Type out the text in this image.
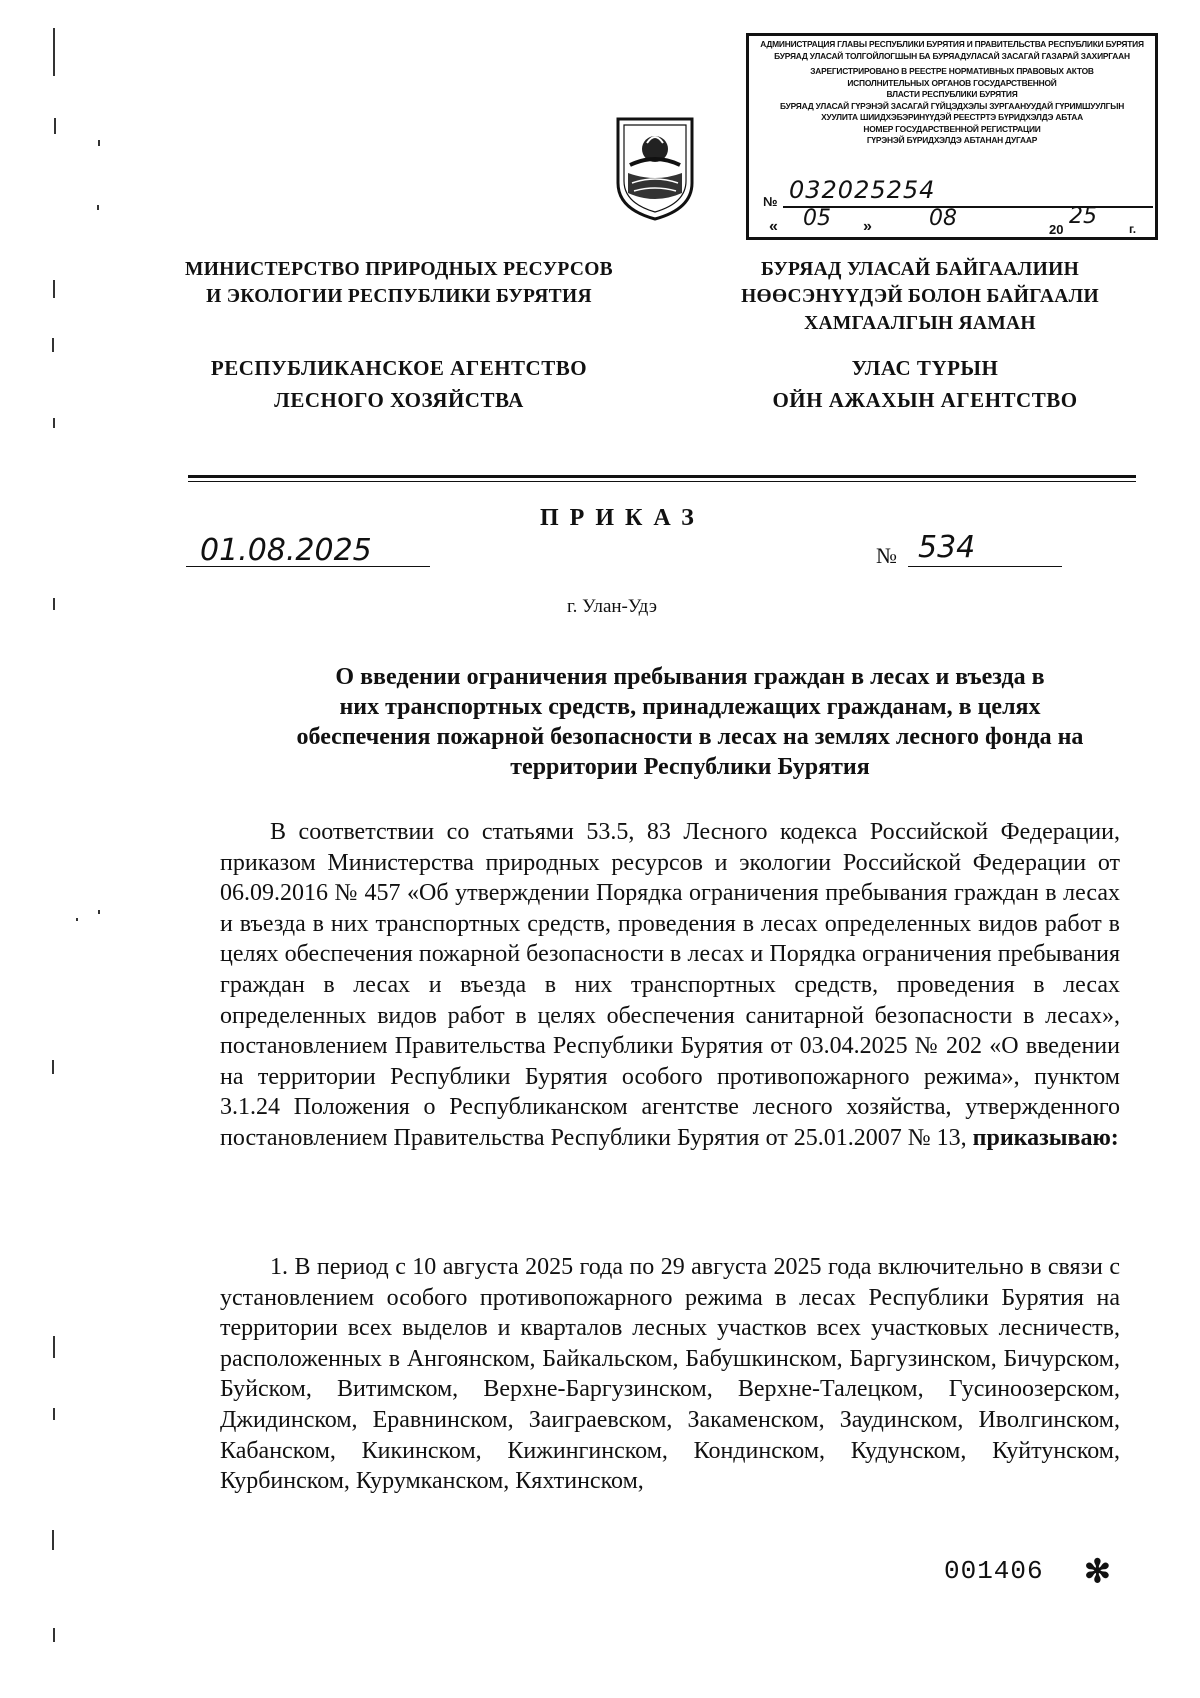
АДМИНИСТРАЦИЯ ГЛАВЫ РЕСПУБЛИКИ БУРЯТИЯ И ПРАВИТЕЛЬСТВА РЕСПУБЛИКИ БУРЯТИЯ
БУРЯАД УЛАСАЙ ТОЛГОЙЛОГШЫН БА БУРЯАДУЛАСАЙ ЗАСАГАЙ ГАЗАРАЙ ЗАХИРГААН
ЗАРЕГИСТРИРОВАНО В РЕЕСТРЕ НОРМАТИВНЫХ ПРАВОВЫХ АКТОВ
ИСПОЛНИТЕЛЬНЫХ ОРГАНОВ ГОСУДАРСТВЕННОЙ
ВЛАСТИ РЕСПУБЛИКИ БУРЯТИЯ
БУРЯАД УЛАСАЙ ГҮРЭНЭЙ ЗАСАГАЙ ГҮЙЦЭДХЭЛЫ ЗУРГААНУУДАЙ ГҮРИМШУУЛГЫН
ХУУЛИТА ШИИДХЭБЭРИНҮҮДЭЙ РЕЕСТРТЭ БҮРИДХЭЛДЭ АБТАА
НОМЕР ГОСУДАРСТВЕННОЙ РЕГИСТРАЦИИ
ГҮРЭНЭЙ БҮРИДХЭЛДЭ АБТАНАН ДУГААР
№ 032025254
« 05 »	08	20
25	г.
МИНИСТЕРСТВО ПРИРОДНЫХ РЕСУРСОВ
И ЭКОЛОГИИ РЕСПУБЛИКИ БУРЯТИЯ
БУРЯАД УЛАСАЙ БАЙГААЛИИН
НӨӨСЭНҮҮДЭЙ БОЛОН БАЙГААЛИ
ХАМГААЛГЫН ЯАМАН
РЕСПУБЛИКАНСКОЕ АГЕНТСТВО
ЛЕСНОГО ХОЗЯЙСТВА
УЛАС ТҮРЫН
ОЙН АЖАХЫН АГЕНТСТВО
ПРИКАЗ
01.08.2025	№ 534
г. Улан-Удэ
О введении ограничения пребывания граждан в лесах и въезда в
них транспортных средств, принадлежащих гражданам, в целях
обеспечения пожарной безопасности в лесах на землях лесного фонда на
территории Республики Бурятия
В соответствии со статьями 53.5, 83 Лесного кодекса Российской Федерации, приказом Министерства природных ресурсов и экологии Российской Федерации от 06.09.2016 № 457 «Об утверждении Порядка ограничения пребывания граждан в лесах и въезда в них транспортных средств, проведения в лесах определенных видов работ в целях обеспечения пожарной безопасности в лесах и Порядка ограничения пребывания граждан в лесах и въезда в них транспортных средств, проведения в лесах определенных видов работ в целях обеспечения санитарной безопасности в лесах», постановлением Правительства Республики Бурятия от 03.04.2025 № 202 «О введении на территории Республики Бурятия особого противопожарного режима», пунктом 3.1.24 Положения о Республиканском агентстве лесного хозяйства, утвержденного постановлением Правительства Республики Бурятия от 25.01.2007 № 13, приказываю:
1. В период с 10 августа 2025 года по 29 августа 2025 года включительно в связи с установлением особого противопожарного режима в лесах Республики Бурятия на территории всех выделов и кварталов лесных участков всех участковых лесничеств, расположенных в Ангоянском, Байкальском, Бабушкинском, Баргузинском, Бичурском, Буйском, Витимском, Верхне-Баргузинском, Верхне-Талецком, Гусиноозерском, Джидинском, Еравнинском, Заиграевском, Закаменском, Заудинском, Иволгинском, Кабанском, Кикинском, Кижингинском, Кондинском, Кудунском, Куйтунском, Курбинском, Курумканском, Кяхтинском,
001406 ✻
